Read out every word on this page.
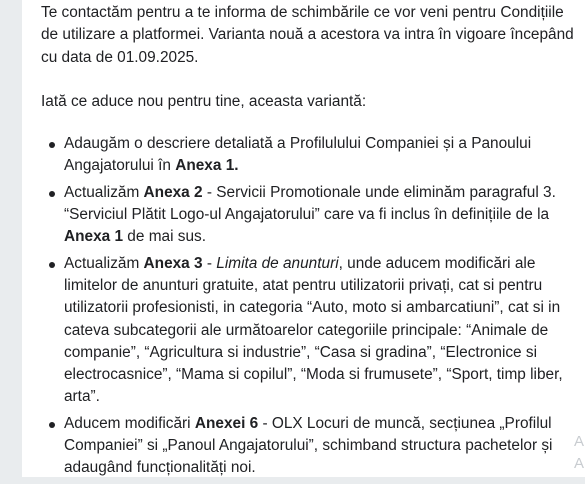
Te contactăm pentru a te informa de schimbările ce vor veni pentru Condițiile de utilizare a platformei. Varianta nouă a acestora va intra în vigoare începând cu data de 01.09.2025.

Iată ce aduce nou pentru tine, aceasta variantă:

Adaugăm o descriere detaliată a Profilulului Companiei și a Panoului Angajatorului în Anexa 1.
Actualizăm Anexa 2 - Servicii Promotionale unde eliminăm paragraful 3. “Serviciul Plătit Logo-ul Angajatorului” care va fi inclus în definițiile de la Anexa 1 de mai sus.
Actualizăm Anexa 3 - Limita de anunturi, unde aducem modificări ale limitelor de anunturi gratuite, atat pentru utilizatorii privați, cat si pentru utilizatorii profesionisti, in categoria “Auto, moto si ambarcatiuni”, cat si in cateva subcategorii ale următoarelor categoriile principale: “Animale de companie”, “Agricultura si industrie”, “Casa si gradina”, “Electronice si electrocasnice”, “Mama si copilul”, “Moda si frumusete”, “Sport, timp liber, arta”.
Aducem modificări Anexei 6 - OLX Locuri de muncă, secțiunea „Profilul Companiei” si „Panoul Angajatorului”, schimband structura pachetelor și adaugând funcționalități noi.
A
A
